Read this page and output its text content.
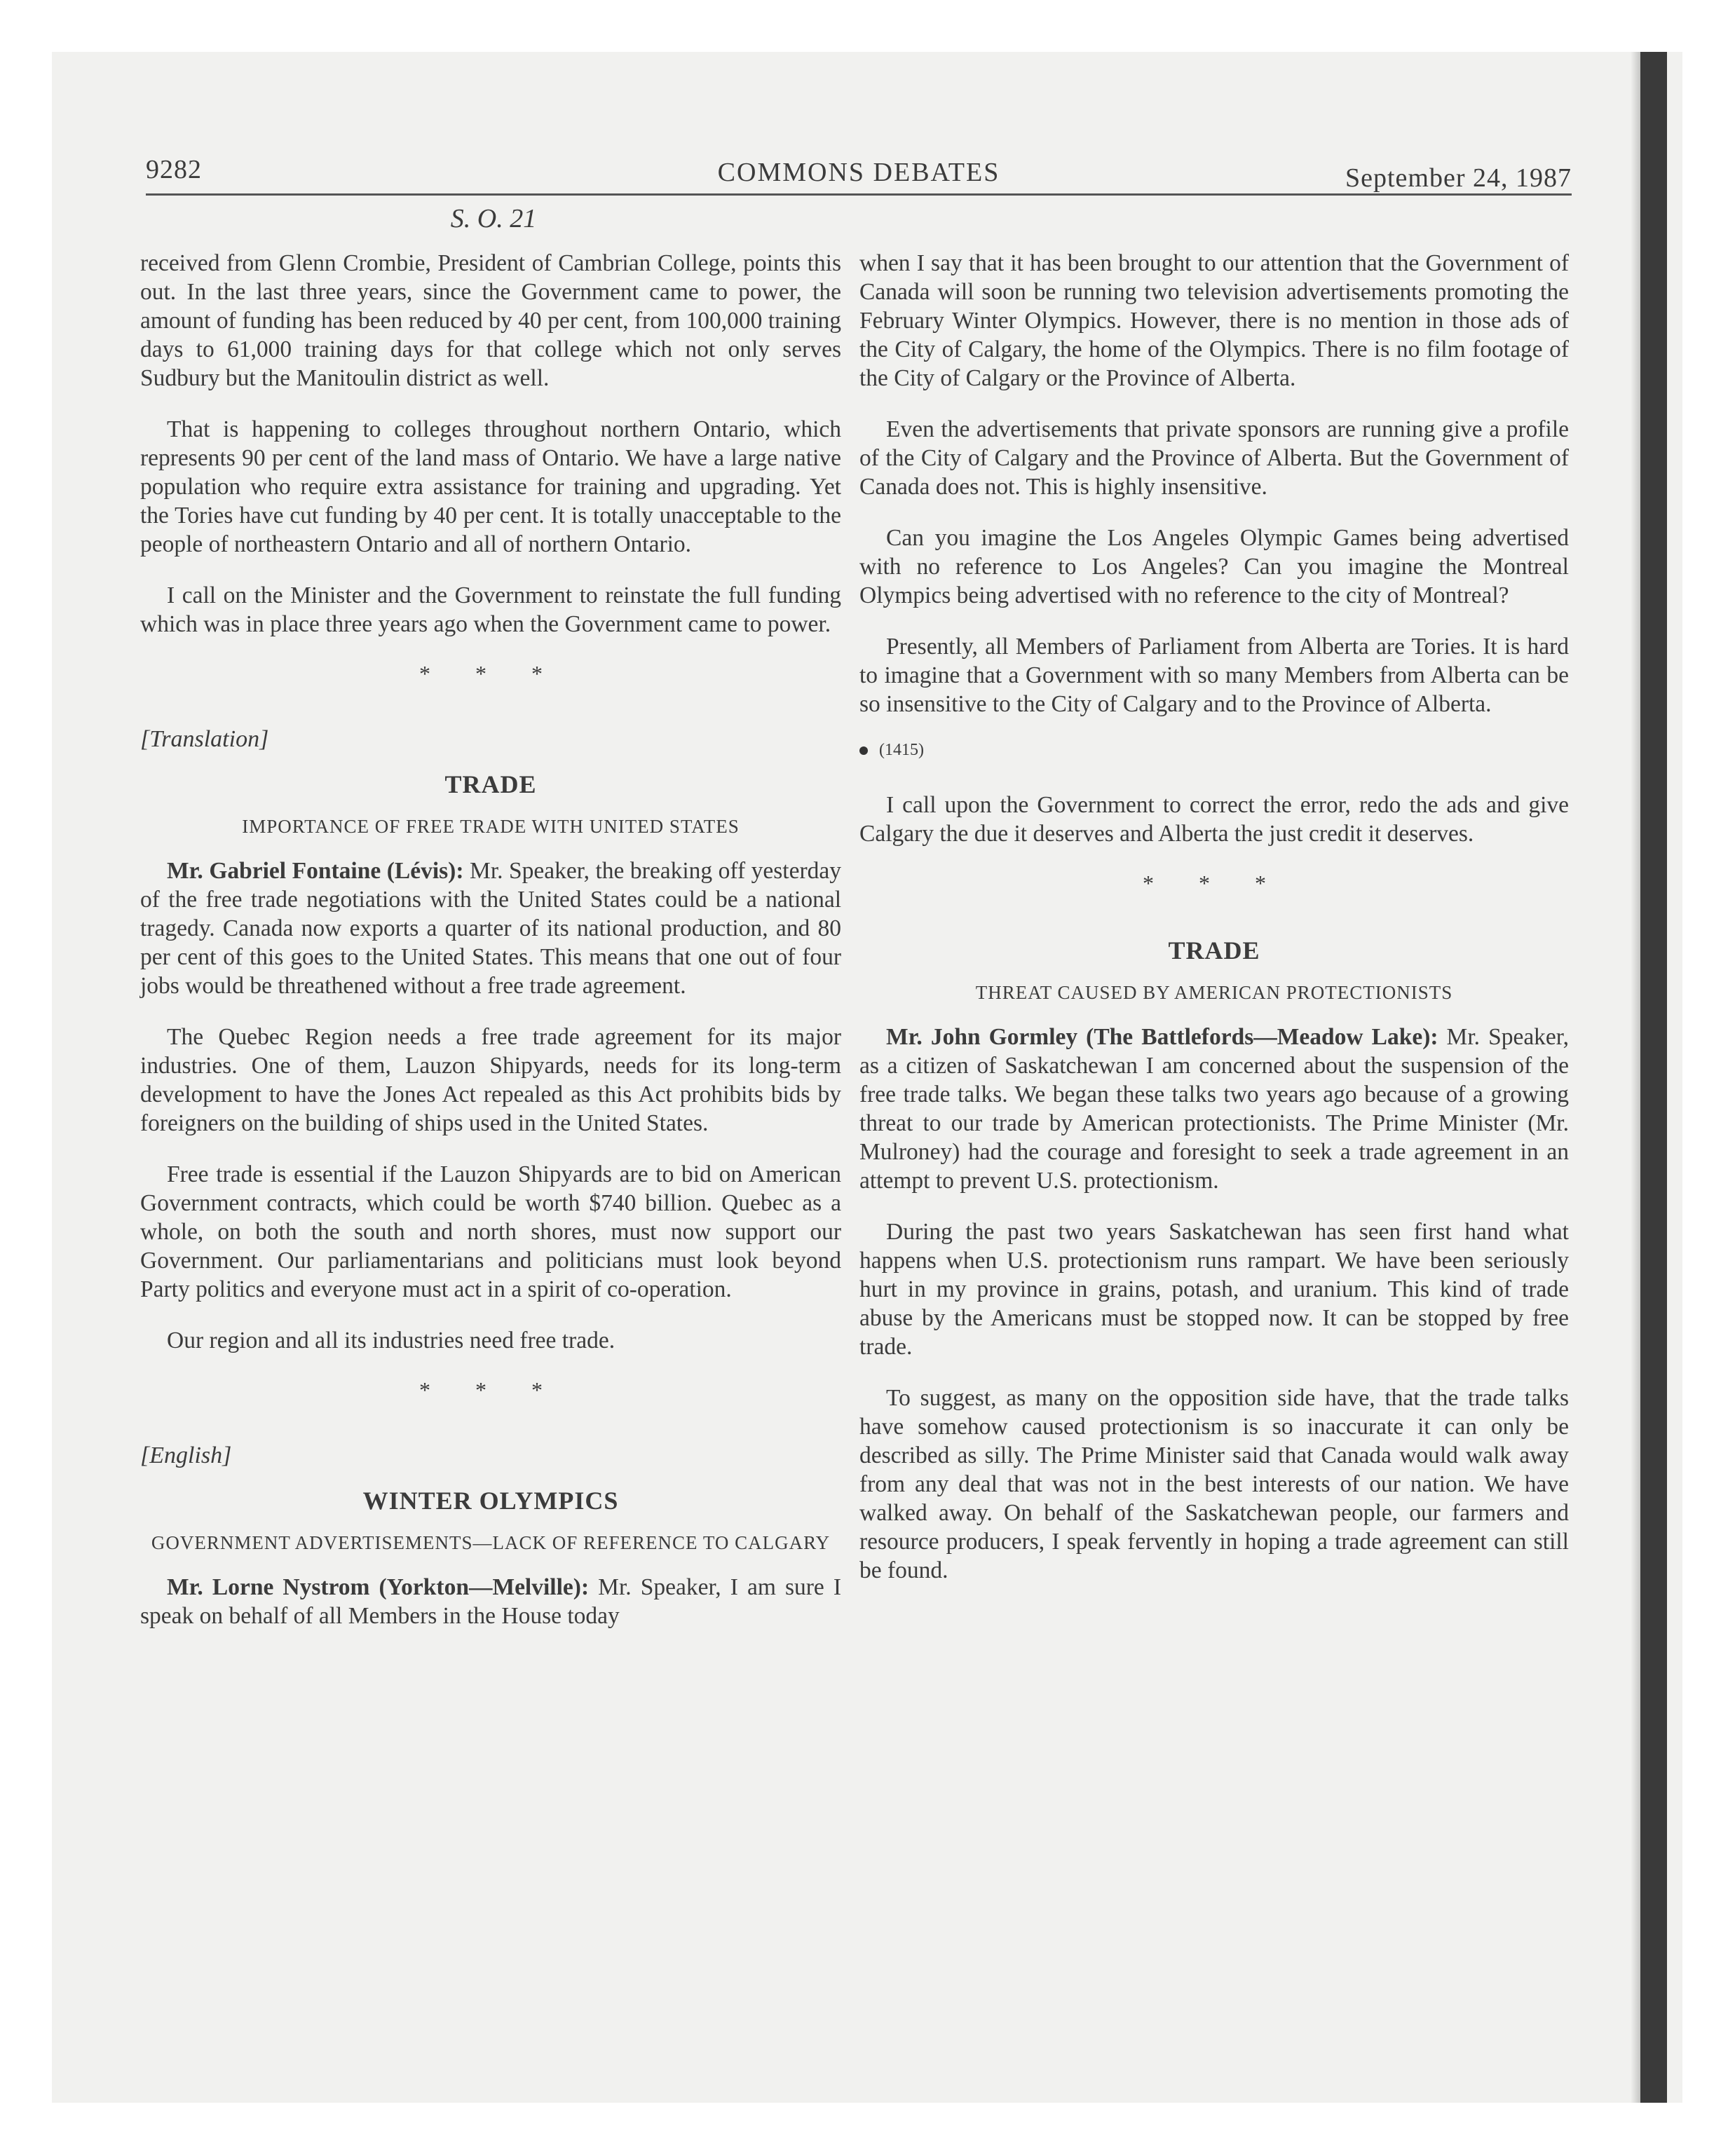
9282	COMMONS DEBATES	September 24, 1987
S. O. 21

received from Glenn Crombie, President of Cambrian College, points this out. In the last three years, since the Government came to power, the amount of funding has been reduced by 40 per cent, from 100,000 training days to 61,000 training days for that college which not only serves Sudbury but the Manitoulin district as well.

That is happening to colleges throughout northern Ontario, which represents 90 per cent of the land mass of Ontario. We have a large native population who require extra assistance for training and upgrading. Yet the Tories have cut funding by 40 per cent. It is totally unacceptable to the people of northeastern Ontario and all of northern Ontario.

I call on the Minister and the Government to reinstate the full funding which was in place three years ago when the Government came to power.

* * *
[Translation]
TRADE
IMPORTANCE OF FREE TRADE WITH UNITED STATES

Mr. Gabriel Fontaine (Lévis): Mr. Speaker, the breaking off yesterday of the free trade negotiations with the United States could be a national tragedy. Canada now exports a quarter of its national production, and 80 per cent of this goes to the United States. This means that one out of four jobs would be threathened without a free trade agreement.

The Quebec Region needs a free trade agreement for its major industries. One of them, Lauzon Shipyards, needs for its long-term development to have the Jones Act repealed as this Act prohibits bids by foreigners on the building of ships used in the United States.

Free trade is essential if the Lauzon Shipyards are to bid on American Government contracts, which could be worth $740 billion. Quebec as a whole, on both the south and north shores, must now support our Government. Our parliamentarians and politicians must look beyond Party politics and everyone must act in a spirit of co-operation.

Our region and all its industries need free trade.

* * *
[English]
WINTER OLYMPICS
GOVERNMENT ADVERTISEMENTS—LACK OF REFERENCE TO CALGARY

Mr. Lorne Nystrom (Yorkton—Melville): Mr. Speaker, I am sure I speak on behalf of all Members in the House today

when I say that it has been brought to our attention that the Government of Canada will soon be running two television advertisements promoting the February Winter Olympics. However, there is no mention in those ads of the City of Calgary, the home of the Olympics. There is no film footage of the City of Calgary or the Province of Alberta.

Even the advertisements that private sponsors are running give a profile of the City of Calgary and the Province of Alberta. But the Government of Canada does not. This is highly insensitive.

Can you imagine the Los Angeles Olympic Games being advertised with no reference to Los Angeles? Can you imagine the Montreal Olympics being advertised with no reference to the city of Montreal?

Presently, all Members of Parliament from Alberta are Tories. It is hard to imagine that a Government with so many Members from Alberta can be so insensitive to the City of Calgary and to the Province of Alberta.

(1415)

I call upon the Government to correct the error, redo the ads and give Calgary the due it deserves and Alberta the just credit it deserves.

* * *
TRADE
THREAT CAUSED BY AMERICAN PROTECTIONISTS

Mr. John Gormley (The Battlefords—Meadow Lake): Mr. Speaker, as a citizen of Saskatchewan I am concerned about the suspension of the free trade talks. We began these talks two years ago because of a growing threat to our trade by American protectionists. The Prime Minister (Mr. Mulroney) had the courage and foresight to seek a trade agreement in an attempt to prevent U.S. protectionism.

During the past two years Saskatchewan has seen first hand what happens when U.S. protectionism runs rampart. We have been seriously hurt in my province in grains, potash, and uranium. This kind of trade abuse by the Americans must be stopped now. It can be stopped by free trade.

To suggest, as many on the opposition side have, that the trade talks have somehow caused protectionism is so inaccurate it can only be described as silly. The Prime Minister said that Canada would walk away from any deal that was not in the best interests of our nation. We have walked away. On behalf of the Saskatchewan people, our farmers and resource producers, I speak fervently in hoping a trade agreement can still be found.
